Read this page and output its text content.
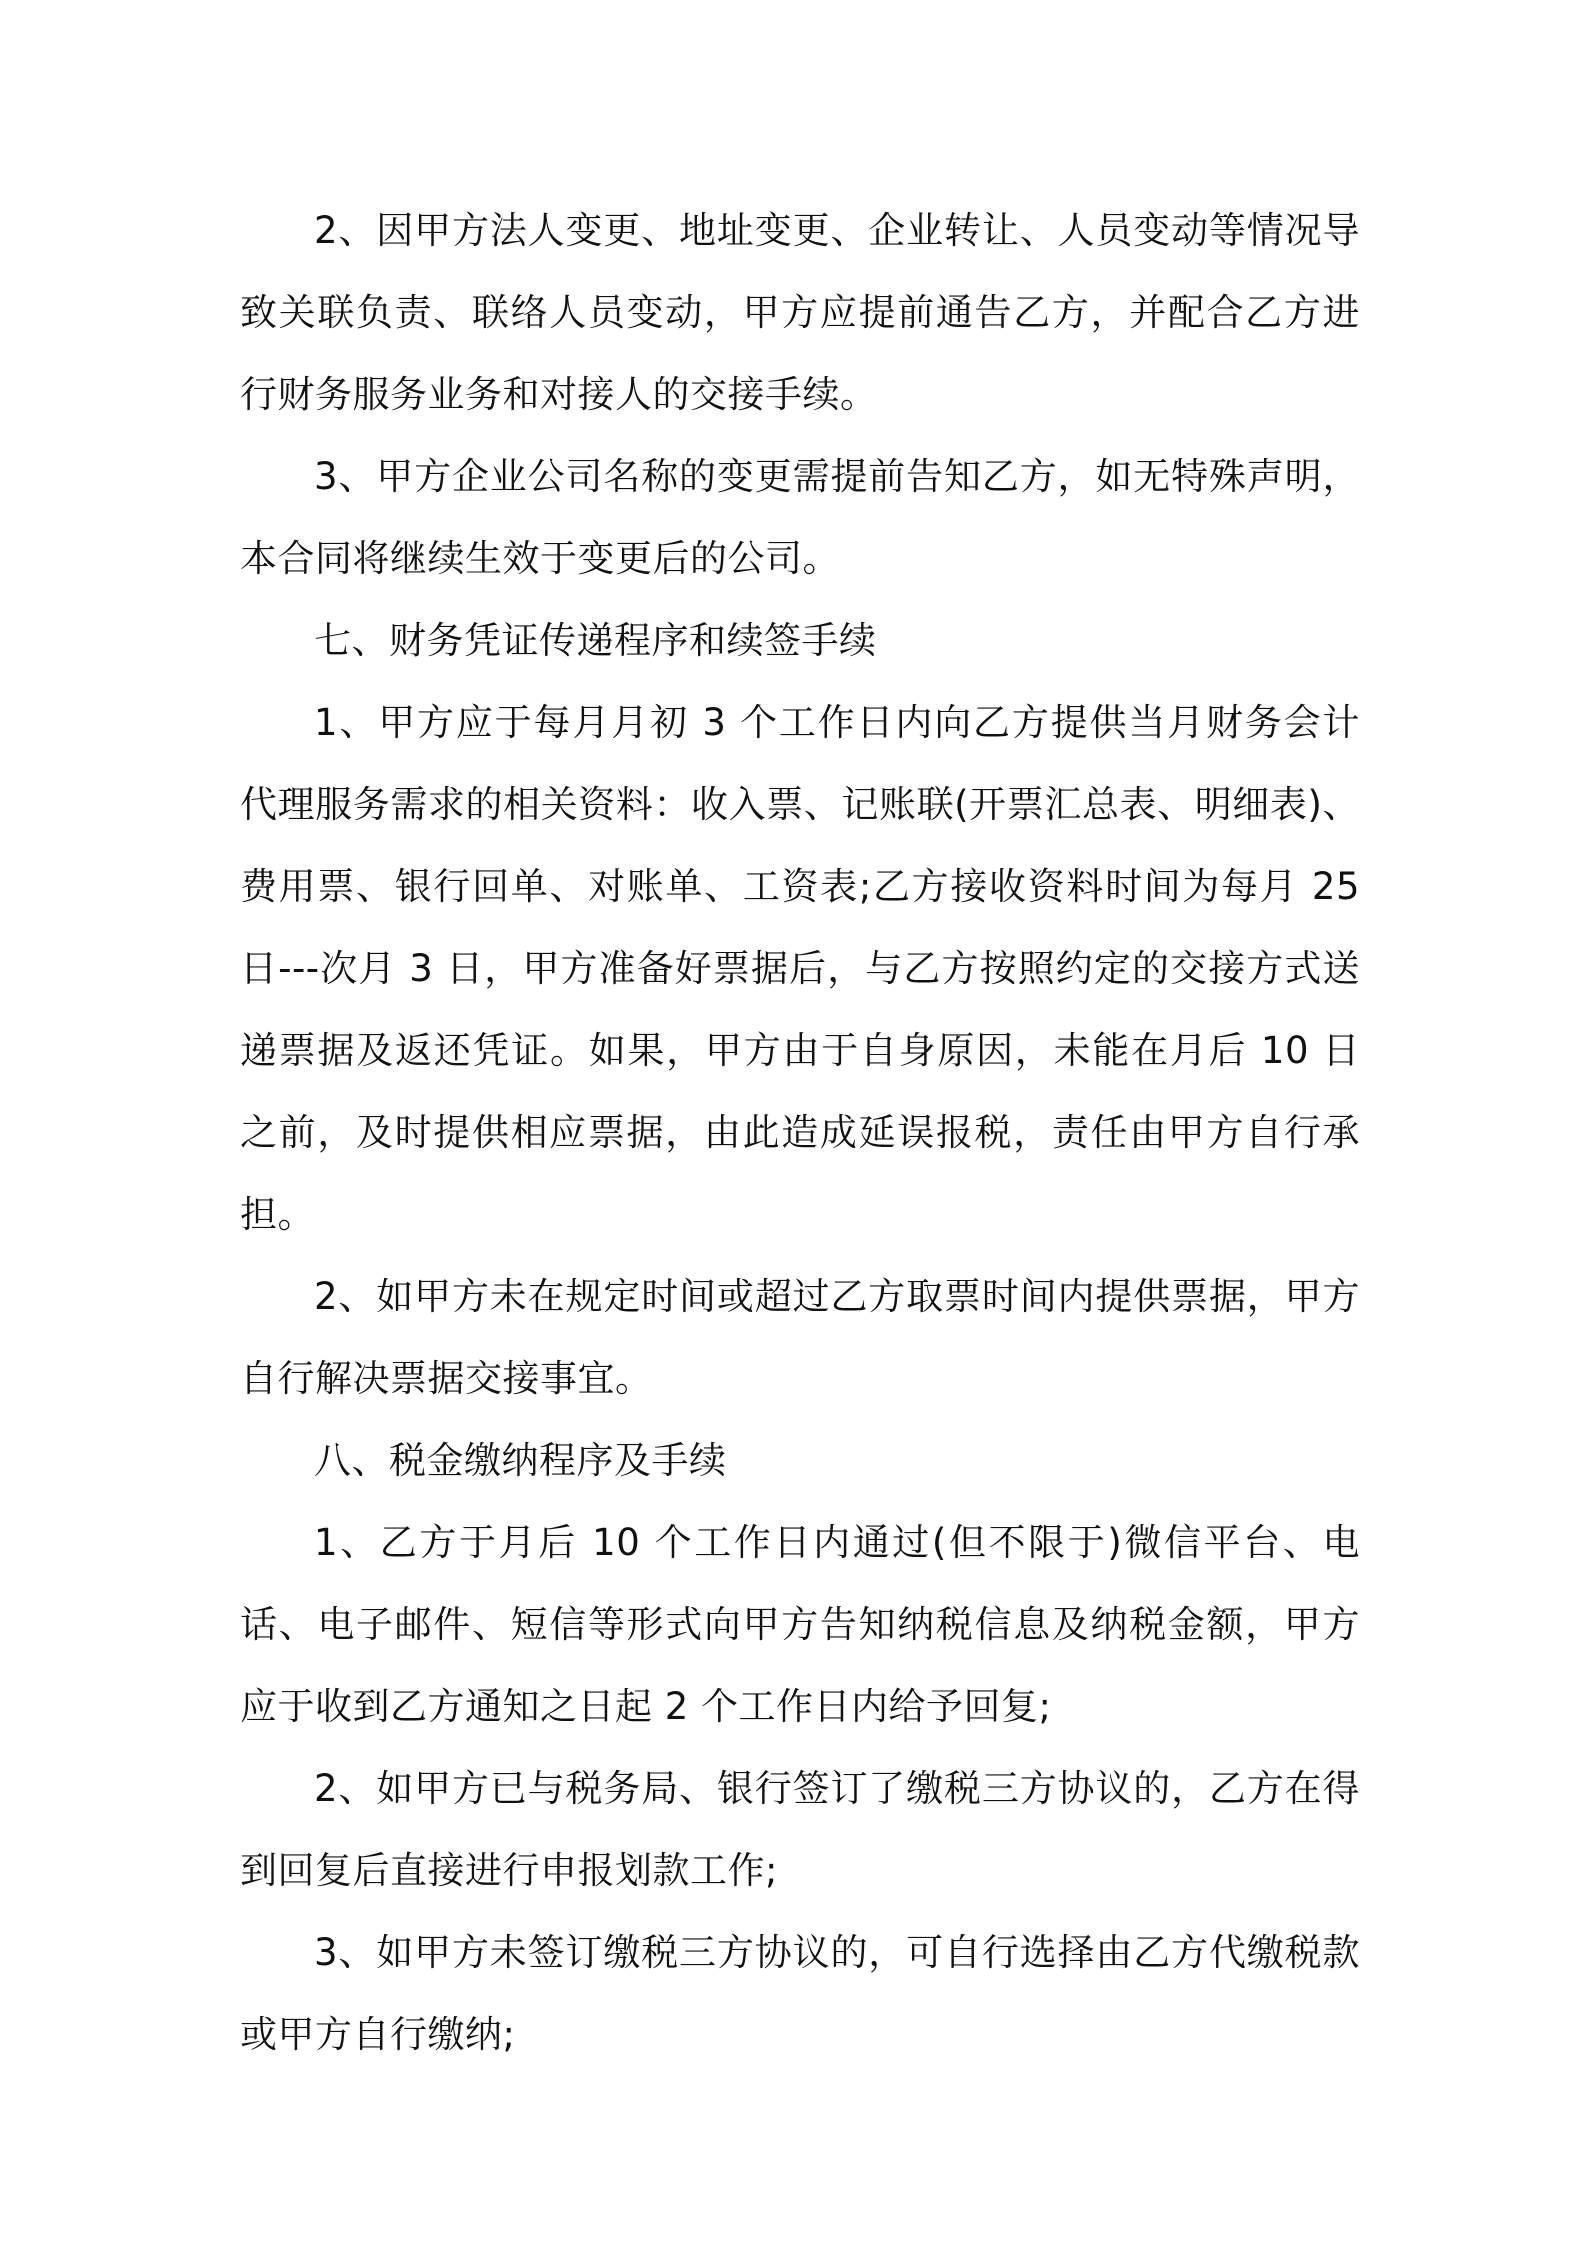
2、因甲方法人变更、地址变更、企业转让、人员变动等情况导致关联负责、联络人员变动，甲方应提前通告乙方，并配合乙方进行财务服务业务和对接人的交接手续。

3、甲方企业公司名称的变更需提前告知乙方，如无特殊声明，本合同将继续生效于变更后的公司。

七、财务凭证传递程序和续签手续

1、甲方应于每月月初 3 个工作日内向乙方提供当月财务会计代理服务需求的相关资料：收入票、记账联(开票汇总表、明细表)、费用票、银行回单、对账单、工资表;乙方接收资料时间为每月 25 日---次月 3 日，甲方准备好票据后，与乙方按照约定的交接方式送递票据及返还凭证。如果，甲方由于自身原因，未能在月后 10 日之前，及时提供相应票据，由此造成延误报税，责任由甲方自行承担。

2、如甲方未在规定时间或超过乙方取票时间内提供票据，甲方自行解决票据交接事宜。

八、税金缴纳程序及手续

1、乙方于月后 10 个工作日内通过(但不限于)微信平台、电话、电子邮件、短信等形式向甲方告知纳税信息及纳税金额，甲方应于收到乙方通知之日起 2 个工作日内给予回复;

2、如甲方已与税务局、银行签订了缴税三方协议的，乙方在得到回复后直接进行申报划款工作;

3、如甲方未签订缴税三方协议的，可自行选择由乙方代缴税款或甲方自行缴纳;
